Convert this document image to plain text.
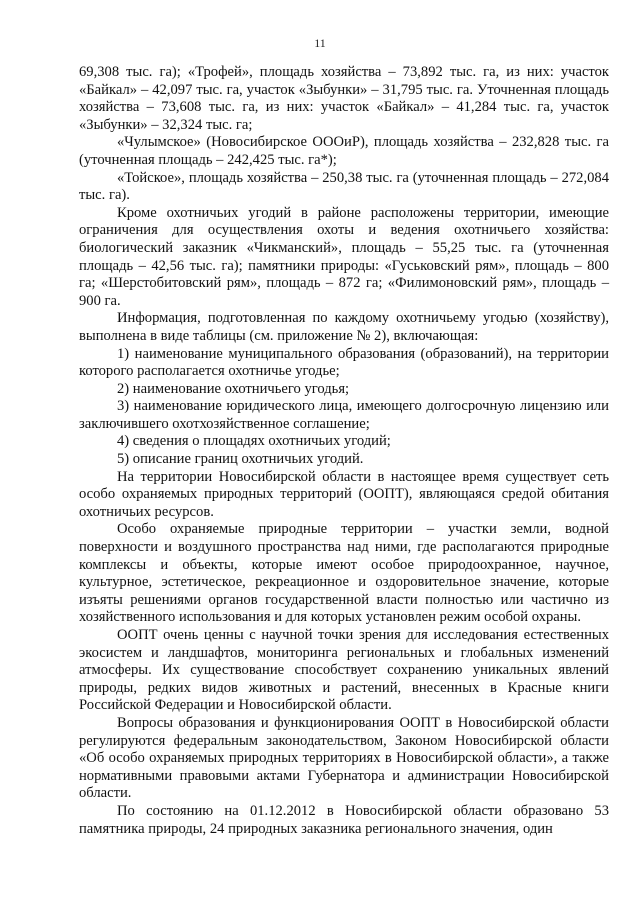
11

69,308 тыс. га); «Трофей», площадь хозяйства – 73,892 тыс. га, из них: участок «Байкал» – 42,097 тыс. га, участок «Зыбунки» – 31,795 тыс. га. Уточненная площадь хозяйства – 73,608 тыс. га, из них: участок «Байкал» – 41,284 тыс. га, участок «Зыбунки» – 32,324 тыс. га;

«Чулымское» (Новосибирское ОООиР), площадь хозяйства – 232,828 тыс. га (уточненная площадь – 242,425 тыс. га*);

«Тойское», площадь хозяйства – 250,38 тыс. га (уточненная площадь – 272,084 тыс. га).

Кроме охотничьих угодий в районе расположены территории, имеющие ограничения для осуществления охоты и ведения охотничьего хозяйства: биологический заказник «Чикманский», площадь – 55,25 тыс. га (уточненная площадь – 42,56 тыс. га); памятники природы: «Гуськовский рям», площадь – 800 га; «Шерстобитовский рям», площадь – 872 га; «Филимоновский рям», площадь – 900 га.

Информация, подготовленная по каждому охотничьему угодью (хозяйству), выполнена в виде таблицы (см. приложение № 2), включающая:

1) наименование муниципального образования (образований), на территории которого располагается охотничье угодье;

2) наименование охотничьего угодья;

3) наименование юридического лица, имеющего долгосрочную лицензию или заключившего охотхозяйственное соглашение;

4) сведения о площадях охотничьих угодий;

5) описание границ охотничьих угодий.

На территории Новосибирской области в настоящее время существует сеть особо охраняемых природных территорий (ООПТ), являющаяся средой обитания охотничьих ресурсов.

Особо охраняемые природные территории – участки земли, водной поверхности и воздушного пространства над ними, где располагаются природные комплексы и объекты, которые имеют особое природоохранное, научное, культурное, эстетическое, рекреационное и оздоровительное значение, которые изъяты решениями органов государственной власти полностью или частично из хозяйственного использования и для которых установлен режим особой охраны.

ООПТ очень ценны с научной точки зрения для исследования естественных экосистем и ландшафтов, мониторинга региональных и глобальных изменений атмосферы. Их существование способствует сохранению уникальных явлений природы, редких видов животных и растений, внесенных в Красные книги Российской Федерации и Новосибирской области.

Вопросы образования и функционирования ООПТ в Новосибирской области регулируются федеральным законодательством, Законом Новосибирской области «Об особо охраняемых природных территориях в Новосибирской области», а также нормативными правовыми актами Губернатора и администрации Новосибирской области.

По состоянию на 01.12.2012 в Новосибирской области образовано 53 памятника природы, 24 природных заказника регионального значения, один
